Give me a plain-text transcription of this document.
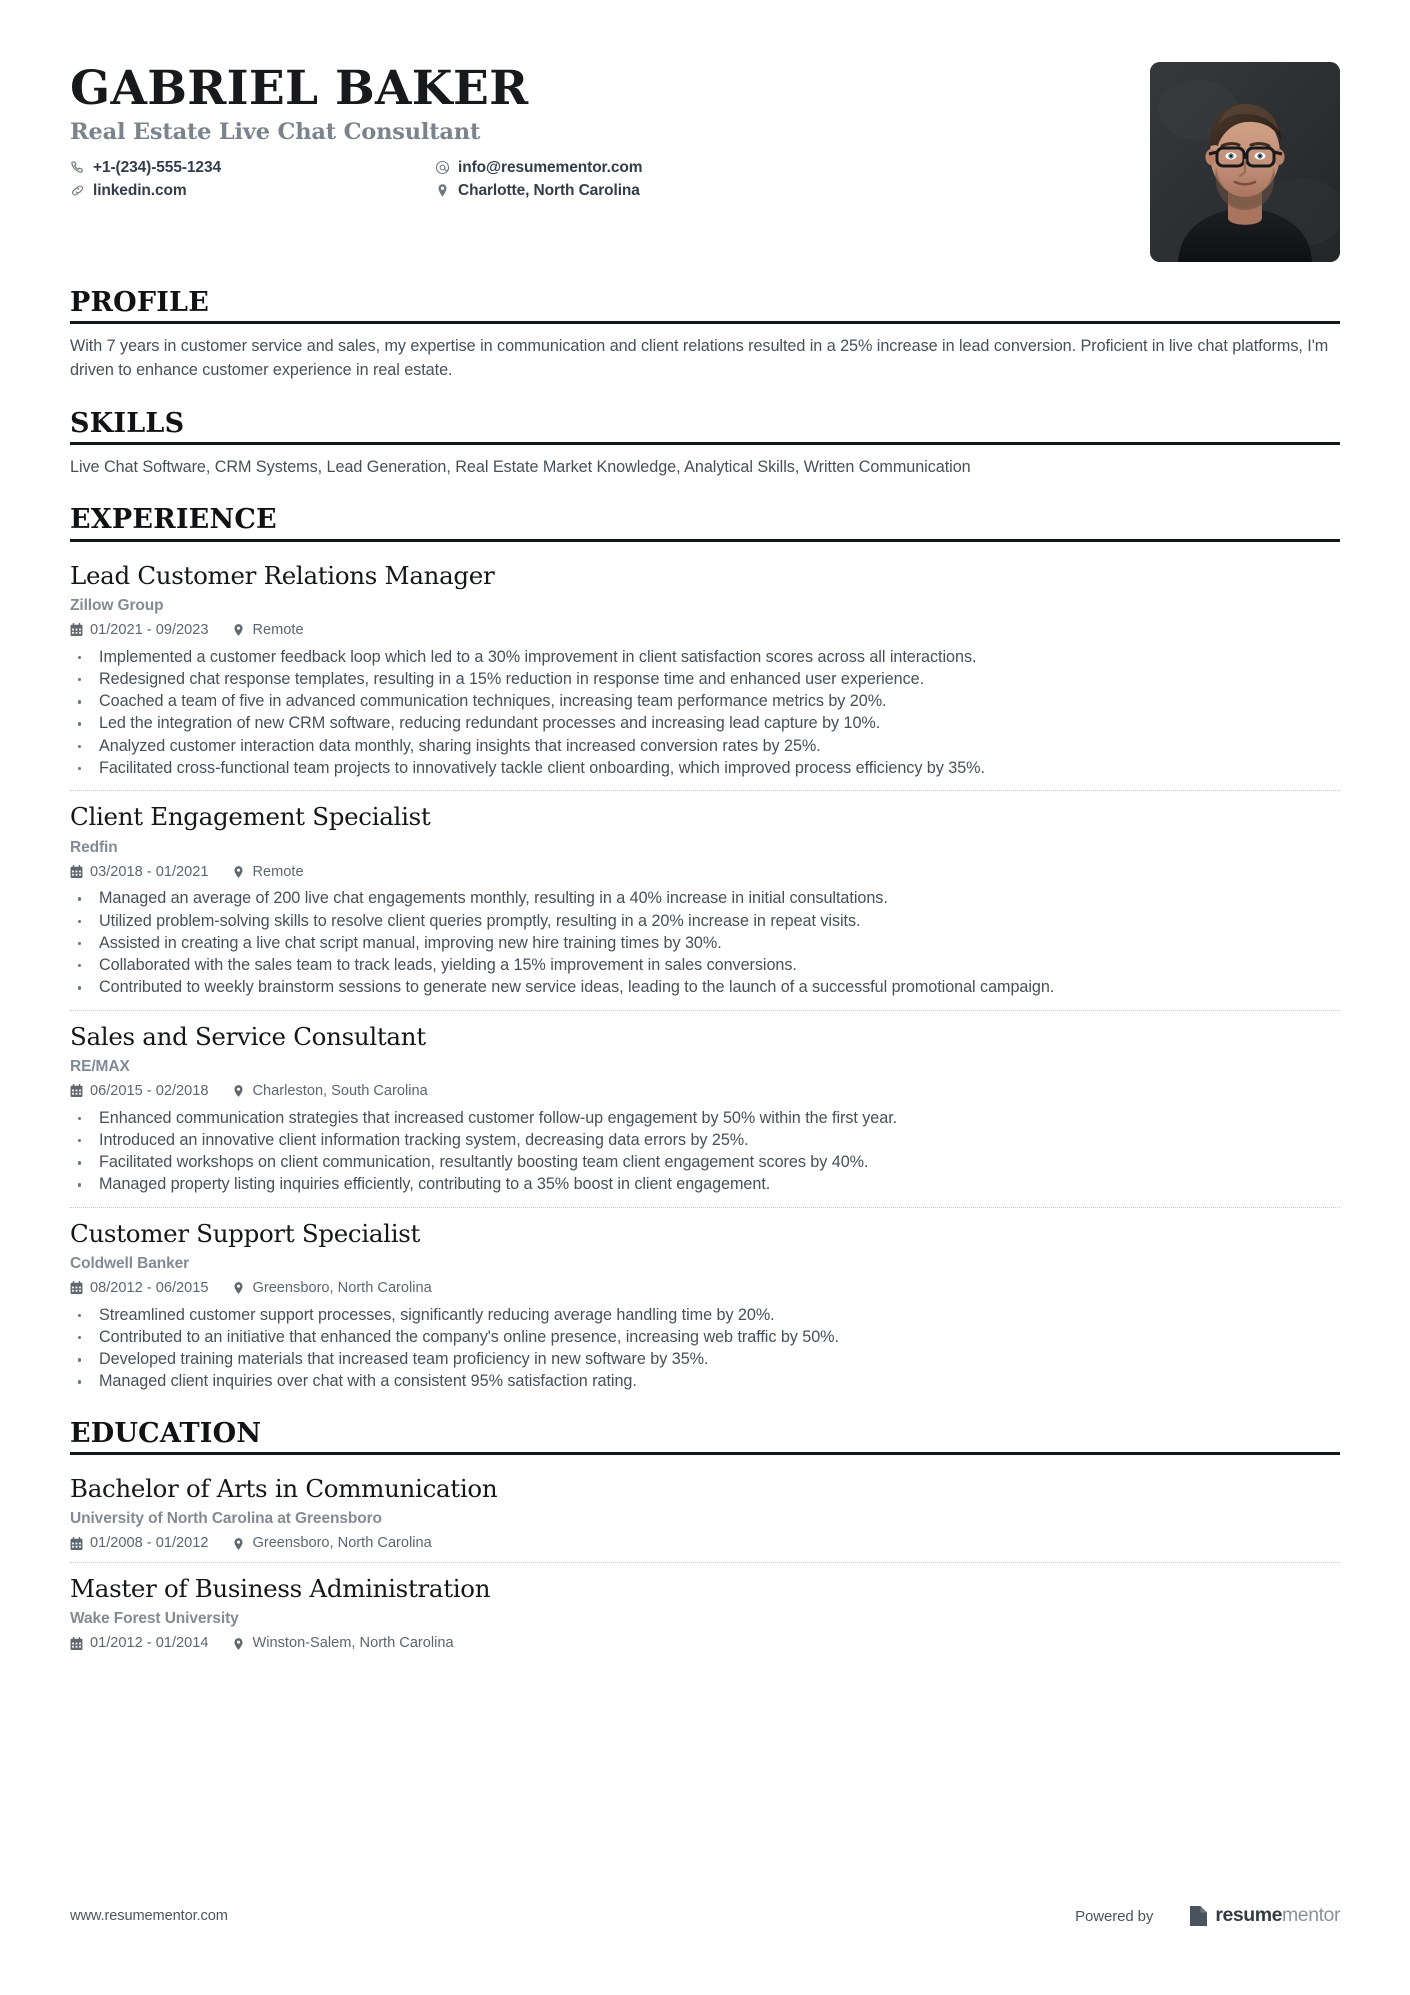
GABRIEL BAKER
Real Estate Live Chat Consultant
+1-(234)-555-1234
linkedin.com
info@resumementor.com
Charlotte, North Carolina
PROFILE

With 7 years in customer service and sales, my expertise in communication and client relations resulted in a 25% increase in lead conversion. Proficient in live chat platforms, I'm driven to enhance customer experience in real estate.

SKILLS

Live Chat Software, CRM Systems, Lead Generation, Real Estate Market Knowledge, Analytical Skills, Written Communication

EXPERIENCE
Lead Customer Relations Manager
Zillow Group
01/2021 - 09/2023	Remote
Implemented a customer feedback loop which led to a 30% improvement in client satisfaction scores across all interactions.
Redesigned chat response templates, resulting in a 15% reduction in response time and enhanced user experience.
Coached a team of five in advanced communication techniques, increasing team performance metrics by 20%.
Led the integration of new CRM software, reducing redundant processes and increasing lead capture by 10%.
Analyzed customer interaction data monthly, sharing insights that increased conversion rates by 25%.
Facilitated cross-functional team projects to innovatively tackle client onboarding, which improved process efficiency by 35%.
Client Engagement Specialist
Redfin
03/2018 - 01/2021	Remote
Managed an average of 200 live chat engagements monthly, resulting in a 40% increase in initial consultations.
Utilized problem-solving skills to resolve client queries promptly, resulting in a 20% increase in repeat visits.
Assisted in creating a live chat script manual, improving new hire training times by 30%.
Collaborated with the sales team to track leads, yielding a 15% improvement in sales conversions.
Contributed to weekly brainstorm sessions to generate new service ideas, leading to the launch of a successful promotional campaign.
Sales and Service Consultant
RE/MAX
06/2015 - 02/2018	Charleston, South Carolina
Enhanced communication strategies that increased customer follow-up engagement by 50% within the first year.
Introduced an innovative client information tracking system, decreasing data errors by 25%.
Facilitated workshops on client communication, resultantly boosting team client engagement scores by 40%.
Managed property listing inquiries efficiently, contributing to a 35% boost in client engagement.
Customer Support Specialist
Coldwell Banker
08/2012 - 06/2015	Greensboro, North Carolina
Streamlined customer support processes, significantly reducing average handling time by 20%.
Contributed to an initiative that enhanced the company's online presence, increasing web traffic by 50%.
Developed training materials that increased team proficiency in new software by 35%.
Managed client inquiries over chat with a consistent 95% satisfaction rating.
EDUCATION
Bachelor of Arts in Communication
University of North Carolina at Greensboro
01/2008 - 01/2012	Greensboro, North Carolina
Master of Business Administration
Wake Forest University
01/2012 - 01/2014	Winston-Salem, North Carolina
www.resumementor.com	Powered by	resumementor
